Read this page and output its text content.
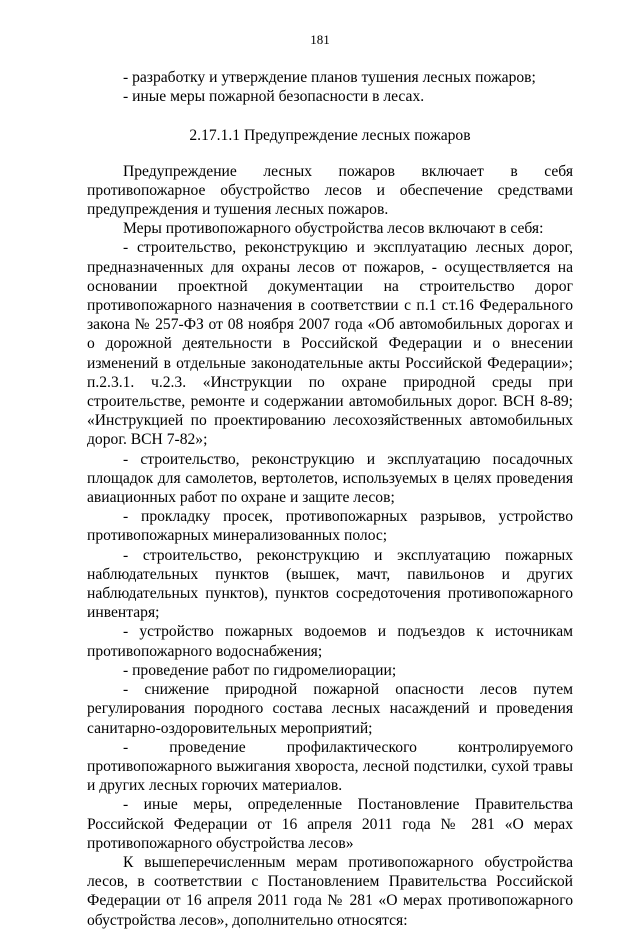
181

- разработку и утверждение планов тушения лесных пожаров;

- иные меры пожарной безопасности в лесах.

2.17.1.1 Предупреждение лесных пожаров

Предупреждение лесных пожаров включает в себя противопожарное обустройство лесов и обеспечение средствами предупреждения и тушения лесных пожаров.

Меры противопожарного обустройства лесов включают в себя:

- строительство, реконструкцию и эксплуатацию лесных дорог, предназначенных для охраны лесов от пожаров, - осуществляется на основании проектной документации на строительство дорог противопожарного назначения в соответствии с п.1 ст.16 Федерального закона № 257-ФЗ от 08 ноября 2007 года «Об автомобильных дорогах и о дорожной деятельности в Российской Федерации и о внесении изменений в отдельные законодательные акты Российской Федерации»; п.2.3.1. ч.2.3. «Инструкции по охране природной среды при строительстве, ремонте и содержании автомобильных дорог. ВСН 8-89; «Инструкцией по проектированию лесохозяйственных автомобильных дорог. ВСН 7-82»;

- строительство, реконструкцию и эксплуатацию посадочных площадок для самолетов, вертолетов, используемых в целях проведения авиационных работ по охране и защите лесов;

- прокладку просек, противопожарных разрывов, устройство противопожарных минерализованных полос;

- строительство, реконструкцию и эксплуатацию пожарных наблюдательных пунктов (вышек, мачт, павильонов и других наблюдательных пунктов), пунктов сосредоточения противопожарного инвентаря;

- устройство пожарных водоемов и подъездов к источникам противопожарного водоснабжения;

- проведение работ по гидромелиорации;

- снижение природной пожарной опасности лесов путем регулирования породного состава лесных насаждений и проведения санитарно-оздоровительных мероприятий;

- проведение профилактического контролируемого противопожарного выжигания хвороста, лесной подстилки, сухой травы и других лесных горючих материалов.

- иные меры, определенные Постановление Правительства Российской Федерации от 16 апреля 2011 года № 281 «О мерах противопожарного обустройства лесов»

К вышеперечисленным мерам противопожарного обустройства лесов, в соответствии с Постановлением Правительства Российской Федерации от 16 апреля 2011 года № 281 «О мерах противопожарного обустройства лесов», дополнительно относятся:
